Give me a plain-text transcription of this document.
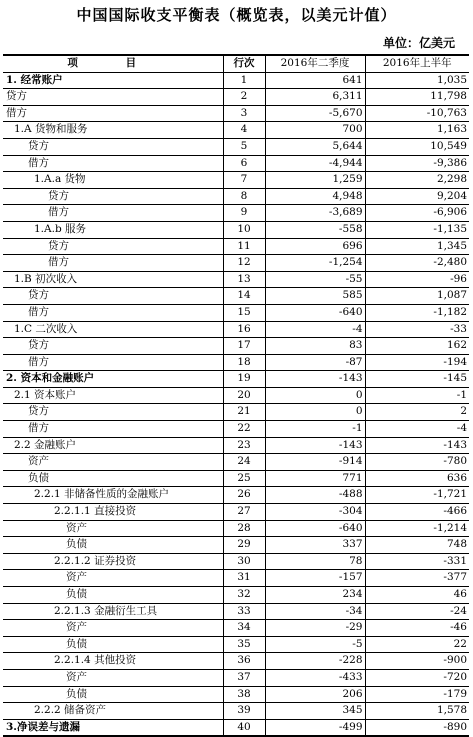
中国国际收支平衡表（概览表，以美元计值）
单位：亿美元
项 目	行次	2016年二季度	2016年上半年
1. 经常账户	1	641	1,035
贷方	2	6,311	11,798
借方	3	-5,670	-10,763
1.A 货物和服务	4	700	1,163
贷方	5	5,644	10,549
借方	6	-4,944	-9,386
1.A.a 货物	7	1,259	2,298
贷方	8	4,948	9,204
借方	9	-3,689	-6,906
1.A.b 服务	10	-558	-1,135
贷方	11	696	1,345
借方	12	-1,254	-2,480
1.B 初次收入	13	-55	-96
贷方	14	585	1,087
借方	15	-640	-1,182
1.C 二次收入	16	-4	-33
贷方	17	83	162
借方	18	-87	-194
2. 资本和金融账户	19	-143	-145
2.1 资本账户	20	0	-1
贷方	21	0	2
借方	22	-1	-4
2.2 金融账户	23	-143	-143
资产	24	-914	-780
负债	25	771	636
2.2.1 非储备性质的金融账户	26	-488	-1,721
2.2.1.1 直接投资	27	-304	-466
资产	28	-640	-1,214
负债	29	337	748
2.2.1.2 证券投资	30	78	-331
资产	31	-157	-377
负债	32	234	46
2.2.1.3 金融衍生工具	33	-34	-24
资产	34	-29	-46
负债	35	-5	22
2.2.1.4 其他投资	36	-228	-900
资产	37	-433	-720
负债	38	206	-179
2.2.2 储备资产	39	345	1,578
3.净误差与遗漏	40	-499	-890
